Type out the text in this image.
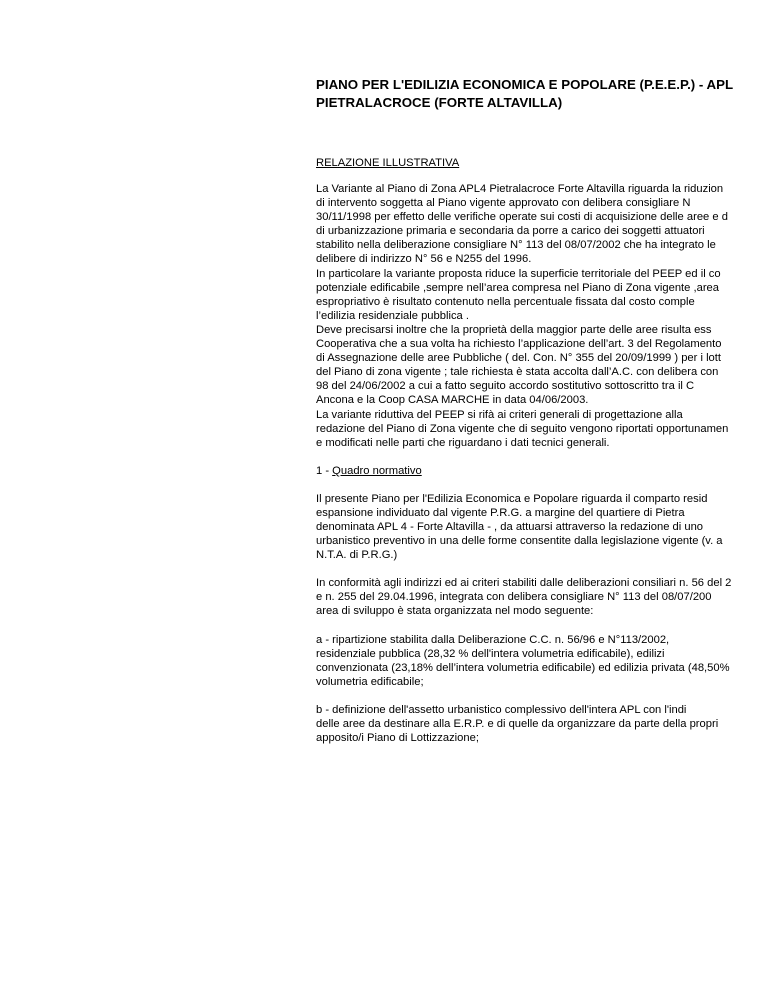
PIANO PER L'EDILIZIA ECONOMICA E POPOLARE (P.E.E.P.) - APL
PIETRALACROCE (FORTE ALTAVILLA)
RELAZIONE ILLUSTRATIVA

La Variante al Piano di Zona APL4 Pietralacroce Forte Altavilla riguarda la riduzion

di intervento soggetta al Piano vigente approvato con delibera consigliare N

30/11/1998 per effetto delle verifiche operate sui costi di acquisizione delle aree e d

di urbanizzazione primaria e secondaria da porre a carico dei soggetti attuatori

stabilito nella deliberazione consigliare N° 113 del 08/07/2002 che ha integrato le

delibere di indirizzo N° 56 e N255 del 1996.

In particolare la variante proposta riduce la superficie territoriale del PEEP ed il co

potenziale edificabile ,sempre nell’area compresa nel Piano di Zona vigente ,area

espropriativo è risultato contenuto nella percentuale fissata dal costo comple

l’edilizia residenziale pubblica .

Deve precisarsi inoltre che la proprietà della maggior parte delle aree risulta ess

Cooperativa che a sua volta ha richiesto l’applicazione dell’art. 3 del Regolamento

di Assegnazione delle aree Pubbliche ( del. Con. N° 355 del 20/09/1999 ) per i lott

del Piano di zona vigente ; tale richiesta è stata accolta dall’A.C. con delibera con

98 del 24/06/2002 a cui a fatto seguito accordo sostitutivo sottoscritto tra il C

Ancona e la Coop CASA MARCHE in data 04/06/2003.

La variante riduttiva del PEEP si rifà ai criteri generali di progettazione alla

redazione del Piano di Zona vigente che di seguito vengono riportati opportunamen

e modificati nelle parti che riguardano i dati tecnici generali.

1 - Quadro normativo

Il presente Piano per l'Edilizia Economica e Popolare riguarda il comparto resid

espansione individuato dal vigente P.R.G. a margine del quartiere di Pietra

denominata APL 4 - Forte Altavilla - , da attuarsi attraverso la redazione di uno

urbanistico preventivo in una delle forme consentite dalla legislazione vigente (v. a

N.T.A. di P.R.G.)

In conformità agli indirizzi ed ai criteri stabiliti dalle deliberazioni consiliari n. 56 del 2

e n. 255 del 29.04.1996, integrata con delibera consigliare N° 113 del 08/07/200

area di sviluppo è stata organizzata nel modo seguente:

a - ripartizione stabilita dalla Deliberazione C.C. n. 56/96 e N°113/2002,

residenziale pubblica (28,32 % dell'intera volumetria edificabile), edilizi

convenzionata (23,18% dell’intera volumetria edificabile) ed edilizia privata (48,50%

volumetria edificabile;

b - definizione dell'assetto urbanistico complessivo dell'intera APL con l'indi

delle aree da destinare alla E.R.P. e di quelle da organizzare da parte della propri

apposito/i Piano di Lottizzazione;
